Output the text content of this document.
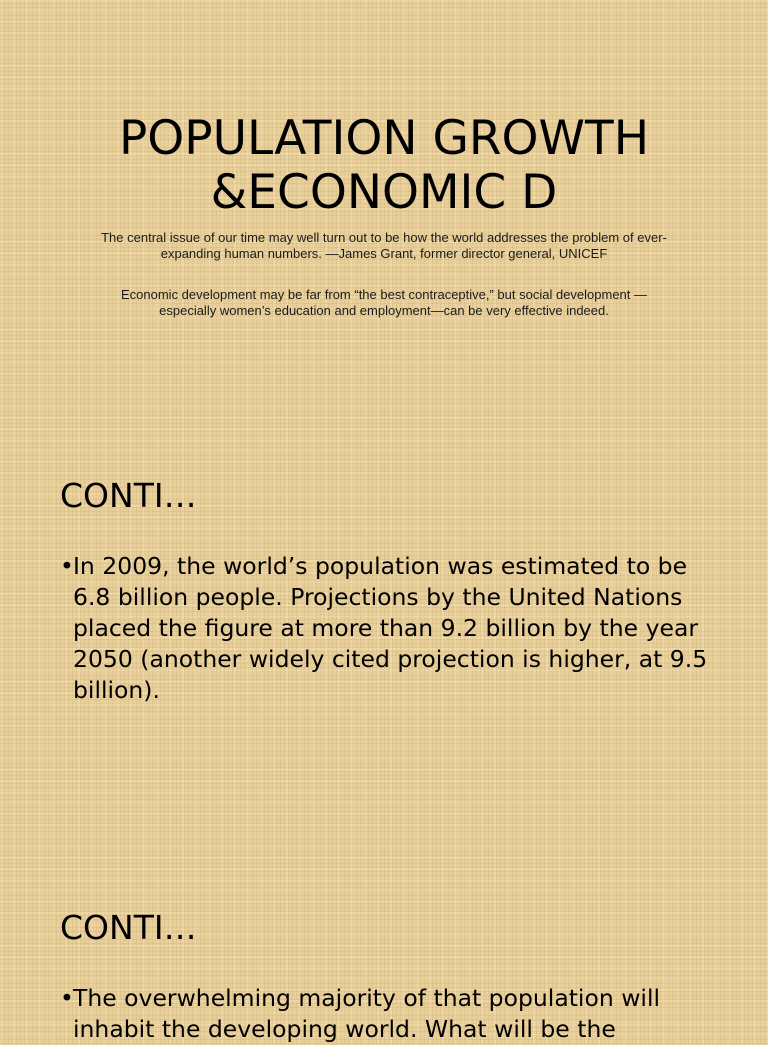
POPULATION GROWTH
&ECONOMIC D

The central issue of our time may well turn out to be how the world addresses the problem of ever-expanding human numbers. —James Grant, former director general, UNICEF

Economic development may be far from “the best contraceptive,” but social development — especially women’s education and employment—can be very effective indeed.

CONTI…
• In 2009, the world’s population was estimated to be 6.8 billion people. Projections by the United Nations placed the figure at more than 9.2 billion by the year 2050 (another widely cited projection is higher, at 9.5 billion).
CONTI…
• The overwhelming majority of that population will inhabit the developing world. What will be the
